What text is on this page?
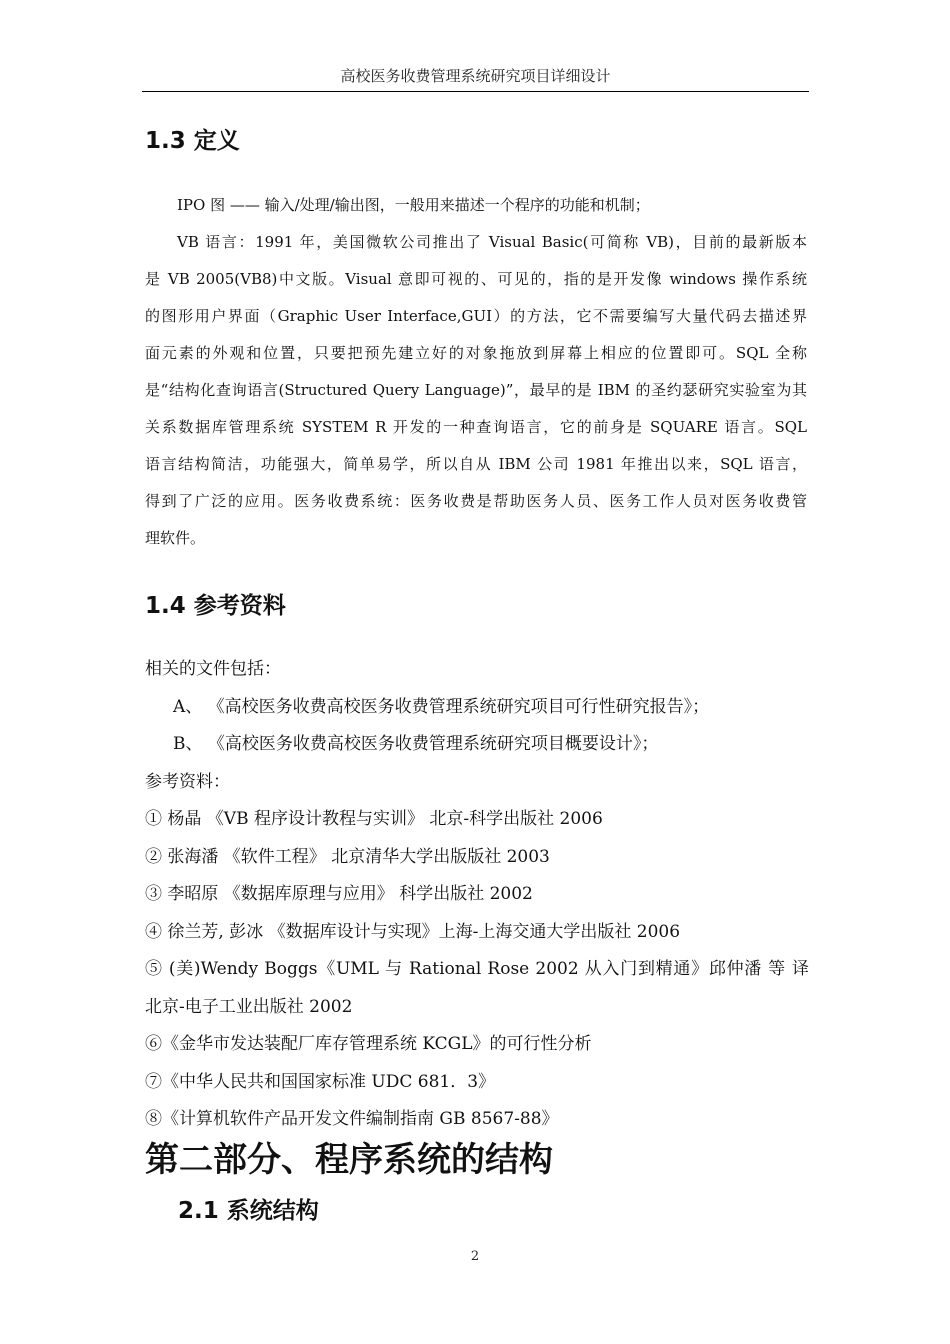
高校医务收费管理系统研究项目详细设计
1.3 定义
IPO 图 —— 输入/处理/输出图，一般用来描述一个程序的功能和机制；
VB 语言：1991 年，美国微软公司推出了 Visual Basic(可简称 VB)，目前的最新版本
是 VB 2005(VB8)中文版。Visual 意即可视的、可见的，指的是开发像 windows 操作系统
的图形用户界面（Graphic User Interface,GUI）的方法，它不需要编写大量代码去描述界
面元素的外观和位置，只要把预先建立好的对象拖放到屏幕上相应的位置即可。SQL 全称
是“结构化查询语言(Structured Query Language)”，最早的是 IBM 的圣约瑟研究实验室为其
关系数据库管理系统 SYSTEM R 开发的一种查询语言，它的前身是 SQUARE 语言。SQL
语言结构简洁，功能强大，简单易学，所以自从 IBM 公司 1981 年推出以来，SQL 语言，
得到了广泛的应用。医务收费系统：医务收费是帮助医务人员、医务工作人员对医务收费管
理软件。
1.4 参考资料
相关的文件包括：
A、 《高校医务收费高校医务收费管理系统研究项目可行性研究报告》；
B、 《高校医务收费高校医务收费管理系统研究项目概要设计》；
参考资料：
① 杨晶 《VB 程序设计教程与实训》 北京-科学出版社 2006
② 张海潘 《软件工程》 北京清华大学出版版社 2003
③ 李昭原 《数据库原理与应用》 科学出版社 2002
④ 徐兰芳, 彭冰 《数据库设计与实现》上海-上海交通大学出版社 2006
⑤ (美)Wendy Boggs《UML 与 Rational Rose 2002 从入门到精通》邱仲潘 等 译
北京-电子工业出版社 2002
⑥《金华市发达装配厂库存管理系统 KCGL》的可行性分析
⑦《中华人民共和国国家标准 UDC 681．3》
⑧《计算机软件产品开发文件编制指南 GB 8567-88》
第二部分、程序系统的结构
2.1 系统结构
2
